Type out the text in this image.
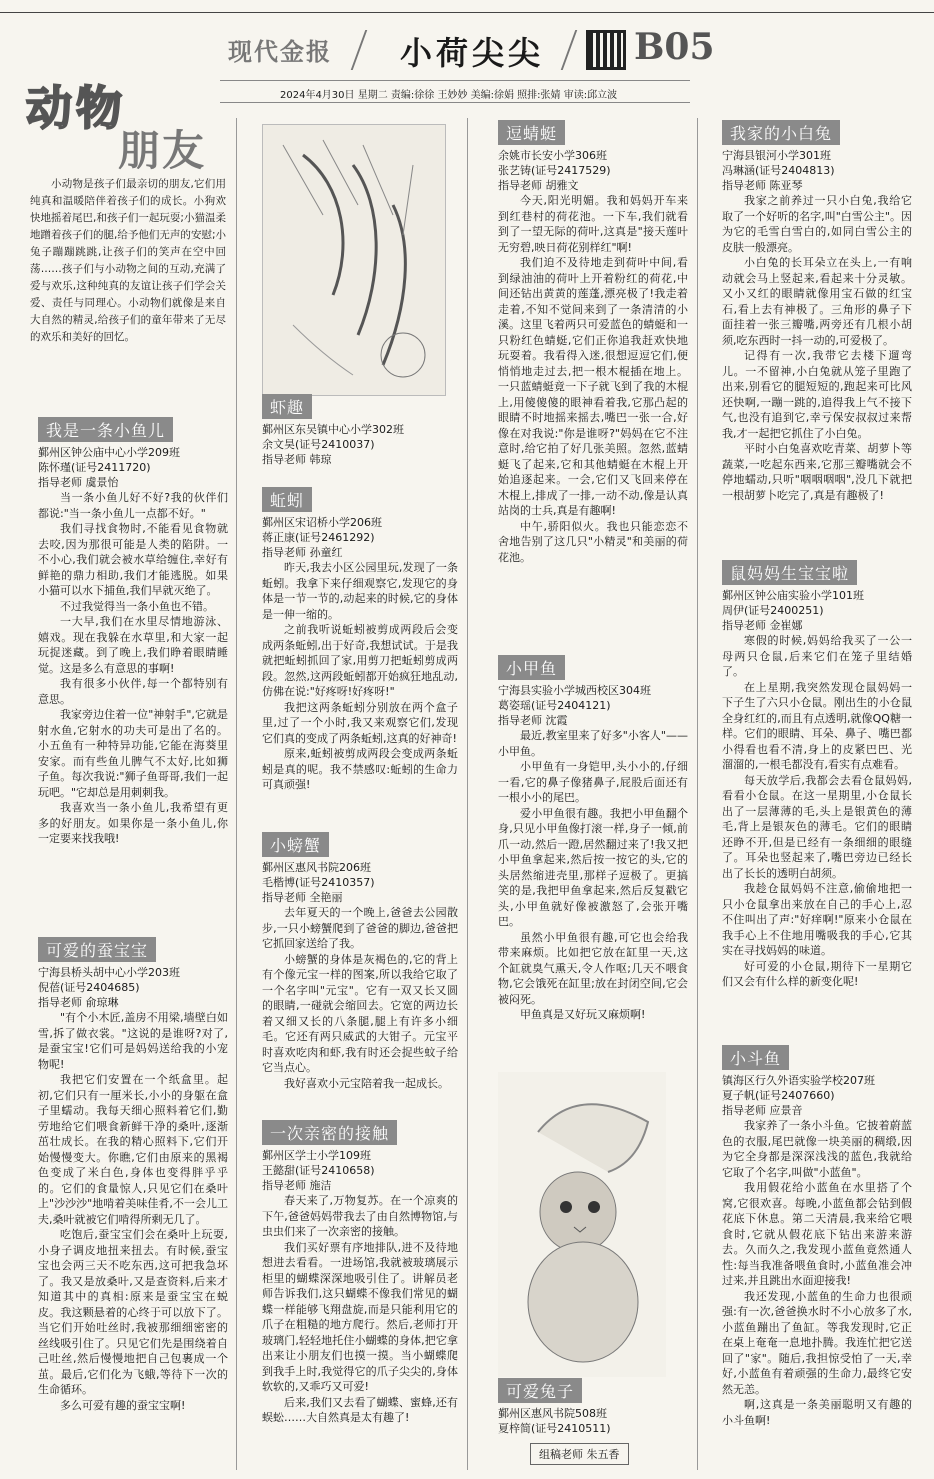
现代金报 小荷尖尖 B05
2024年4月30日 星期二 责编:徐徐 王妙妙 美编:徐娟 照排:张婧 审读:邱立波
动物
朋友

小动物是孩子们最亲切的朋友,它们用纯真和温暖陪伴着孩子们的成长。小狗欢快地摇着尾巴,和孩子们一起玩耍;小猫温柔地蹭着孩子们的腿,给予他们无声的安慰;小兔子蹦蹦跳跳,让孩子们的笑声在空中回荡……孩子们与小动物之间的互动,充满了爱与欢乐,这种纯真的友谊让孩子们学会关爱、责任与同理心。小动物们就像是来自大自然的精灵,给孩子们的童年带来了无尽的欢乐和美好的回忆。

我是一条小鱼儿
鄞州区钟公庙中心小学209班
陈怀瑾(证号2411720)
指导老师 虞景怡

当一条小鱼儿好不好?我的伙伴们都说:"当一条小鱼儿一点都不好。"

我们寻找食物时,不能看见食物就去咬,因为那很可能是人类的陷阱。一不小心,我们就会被水草给缠住,幸好有鲜艳的鼎力相助,我们才能逃脱。如果小猫可以水下捕鱼,我们早就灭绝了。

不过我觉得当一条小鱼也不错。

一大早,我们在水里尽情地游泳、嬉戏。现在我躲在水草里,和大家一起玩捉迷藏。到了晚上,我们睁着眼睛睡觉。这是多么有意思的事啊!

我有很多小伙伴,每一个都特别有意思。

我家旁边住着一位"神射手",它就是射水鱼,它射水的功夫可是出了名的。小五鱼有一种特异功能,它能在海葵里安家。而有些鱼儿脾气不太好,比如狮子鱼。每次我说:"狮子鱼哥哥,我们一起玩吧。"它却总是用刺刺我。

我喜欢当一条小鱼儿,我希望有更多的好朋友。如果你是一条小鱼儿,你一定要来找我哦!

可爱的蚕宝宝
宁海县桥头胡中心小学203班
倪蓓(证号2404685)
指导老师 俞琼琳

"有个小木匠,盖房不用梁,墙壁白如雪,拆了做衣裳。"这说的是谁呀?对了,是蚕宝宝!它们可是妈妈送给我的小宠物呢!

我把它们安置在一个纸盒里。起初,它们只有一厘米长,小小的身躯在盒子里蠕动。我每天细心照料着它们,勤劳地给它们喂食新鲜干净的桑叶,逐渐茁壮成长。在我的精心照料下,它们开始慢慢变大。你瞧,它们由原来的黑褐色变成了米白色,身体也变得胖乎乎的。它们的食量惊人,只见它们在桑叶上"沙沙沙"地啃着美味佳肴,不一会儿工夫,桑叶就被它们啃得所剩无几了。

吃饱后,蚕宝宝们会在桑叶上玩耍,小身子调皮地扭来扭去。有时候,蚕宝宝也会两三天不吃东西,这可把我急坏了。我又是放桑叶,又是查资料,后来才知道其中的真相:原来是蚕宝宝在蜕皮。我这颗悬着的心终于可以放下了。当它们开始吐丝时,我被那细细密密的丝线吸引住了。只见它们先是围绕着自己吐丝,然后慢慢地把自己包裹成一个茧。最后,它们化为飞蛾,等待下一次的生命循环。

多么可爱有趣的蚕宝宝啊!

虾趣
鄞州区东吴镇中心小学302班
余文昊(证号2410037)
指导老师 韩琼
蚯蚓
鄞州区宋诏桥小学206班
蒋正康(证号2461292)
指导老师 孙童红

昨天,我去小区公园里玩,发现了一条蚯蚓。我拿下来仔细观察它,发现它的身体是一节一节的,动起来的时候,它的身体是一伸一缩的。

之前我听说蚯蚓被剪成两段后会变成两条蚯蚓,出于好奇,我想试试。于是我就把蚯蚓抓回了家,用剪刀把蚯蚓剪成两段。忽然,这两段蚯蚓都开始疯狂地乱动,仿佛在说:"好疼呀!好疼呀!"

我把这两条蚯蚓分别放在两个盒子里,过了一个小时,我又来观察它们,发现它们真的变成了两条蚯蚓,这真的好神奇!

原来,蚯蚓被剪成两段会变成两条蚯蚓是真的呢。我不禁感叹:蚯蚓的生命力可真顽强!

小螃蟹
鄞州区惠风书院206班
毛楷博(证号2410357)
指导老师 全艳丽

去年夏天的一个晚上,爸爸去公园散步,一只小螃蟹爬到了爸爸的脚边,爸爸把它抓回家送给了我。

小螃蟹的身体是灰褐色的,它的背上有个像元宝一样的图案,所以我给它取了一个名字叫"元宝"。它有一双又长又圆的眼睛,一碰就会缩回去。它宽的两边长着又细又长的八条腿,腿上有许多小细毛。它还有两只威武的大钳子。元宝平时喜欢吃肉和虾,我有时还会捉些蚊子给它当点心。

我好喜欢小元宝陪着我一起成长。

一次亲密的接触
鄞州区学士小学109班
王懿甜(证号2410658)
指导老师 施洁

春天来了,万物复苏。在一个凉爽的下午,爸爸妈妈带我去了由自然博物馆,与虫虫们来了一次亲密的接触。

我们买好票有序地排队,进不及待地想进去看看。一进场馆,我就被玻璃展示柜里的蝴蝶深深地吸引住了。讲解员老师告诉我们,这只蝴蝶不像我们常见的蝴蝶一样能够飞翔盘旋,而是只能利用它的爪子在粗糙的地方爬行。然后,老师打开玻璃门,轻轻地托住小蝴蝶的身体,把它拿出来让小朋友们也摸一摸。当小蝴蝶爬到我手上时,我觉得它的爪子尖尖的,身体软软的,又乖巧又可爱!

后来,我们又去看了蝴蝶、蜜蜂,还有蜈蚣……大自然真是太有趣了!

逗蜻蜓
余姚市长安小学306班
张艺铸(证号2417529)
指导老师 胡雅文

今天,阳光明媚。我和妈妈开车来到红巷村的荷花池。一下车,我们就看到了一望无际的荷叶,这真是"接天莲叶无穷碧,映日荷花别样红"啊!

我们迫不及待地走到荷叶中间,看到绿油油的荷叶上开着粉红的荷花,中间还钻出黄黄的莲蓬,漂亮极了!我走着走着,不知不觉间来到了一条清清的小溪。这里飞着两只可爱蓝色的蜻蜓和一只粉红色蜻蜓,它们正你追我赶欢快地玩耍着。我看得入迷,很想逗逗它们,便悄悄地走过去,把一根木棍插在地上。一只蓝蜻蜓竟一下子就飞到了我的木棍上,用傻傻傻的眼神看着我,它那凸起的眼睛不时地摇来摇去,嘴巴一张一合,好像在对我说:"你是谁呀?"妈妈在它不注意时,给它拍了好几张美照。忽然,蓝蜻蜓飞了起来,它和其他蜻蜓在木棍上开始追逐起来。一会,它们又飞回来停在木棍上,排成了一排,一动不动,像是认真站岗的士兵,真是有趣啊!

中午,骄阳似火。我也只能恋恋不舍地告别了这几只"小精灵"和美丽的荷花池。

小甲鱼
宁海县实验小学城西校区304班
葛姿瑶(证号2404121)
指导老师 沈霞

最近,教室里来了好多"小客人"——小甲鱼。

小甲鱼有一身铠甲,头小小的,仔细一看,它的鼻子像猪鼻子,屁股后面还有一根小小的尾巴。

爱小甲鱼很有趣。我把小甲鱼翻个身,只见小甲鱼像打滚一样,身子一倾,前爪一动,然后一蹬,居然翻过来了!我又把小甲鱼拿起来,然后按一按它的头,它的头居然缩进壳里,那样子逗极了。更搞笑的是,我把甲鱼拿起来,然后反复戳它头,小甲鱼就好像被激怒了,会张开嘴巴。

虽然小甲鱼很有趣,可它也会给我带来麻烦。比如把它放在缸里一天,这个缸就臭气熏天,令人作呕;几天不喂食物,它会饿死在缸里;放在封闭空间,它会被闷死。

甲鱼真是又好玩又麻烦啊!

可爱兔子
鄞州区惠风书院508班
夏梓简(证号2410511)
组稿老师 朱五香
我家的小白兔
宁海县银河小学301班
冯琳涵(证号2404813)
指导老师 陈亚琴

我家之前养过一只小白兔,我给它取了一个好听的名字,叫"白雪公主"。因为它的毛雪白雪白的,如同白雪公主的皮肤一般漂亮。

小白兔的长耳朵立在头上,一有响动就会马上竖起来,看起来十分灵敏。又小又红的眼睛就像用宝石做的红宝石,看上去有神极了。三角形的鼻子下面挂着一张三瓣嘴,两旁还有几根小胡须,吃东西时一抖一动的,可爱极了。

记得有一次,我带它去楼下遛弯儿。一不留神,小白兔就从笼子里跑了出来,别看它的腿短短的,跑起来可比风还快啊,一蹦一跳的,追得我上气不接下气,也没有追到它,幸亏保安叔叔过来帮我,才一起把它抓住了小白兔。

平时小白兔喜欢吃青菜、胡萝卜等蔬菜,一吃起东西来,它那三瓣嘴就会不停地蠕动,只听"咽咽咽咽",没几下就把一根胡萝卜吃完了,真是有趣极了!

鼠妈妈生宝宝啦
鄞州区钟公庙实验小学101班
周伊(证号2400251)
指导老师 金崔娜

寒假的时候,妈妈给我买了一公一母两只仓鼠,后来它们在笼子里结婚了。

在上星期,我突然发现仓鼠妈妈一下子生了六只小仓鼠。刚出生的小仓鼠全身红红的,而且有点透明,就像QQ糖一样。它们的眼睛、耳朵、鼻子、嘴巴都小得看也看不清,身上的皮紧巴巴、光溜溜的,一根毛都没有,看实有点难看。

每天放学后,我都会去看仓鼠妈妈,看看小仓鼠。在这一星期里,小仓鼠长出了一层薄薄的毛,头上是银黄色的薄毛,背上是银灰色的薄毛。它们的眼睛还睁不开,但是已经有一条细细的眼缝了。耳朵也竖起来了,嘴巴旁边已经长出了长长的透明白胡须。

我趁仓鼠妈妈不注意,偷偷地把一只小仓鼠拿出来放在自己的手心上,忍不住叫出了声:"好痒啊!"原来小仓鼠在我手心上不住地用嘴吸我的手心,它其实在寻找妈妈的味道。

好可爱的小仓鼠,期待下一星期它们又会有什么样的新变化呢!

小斗鱼
镇海区行久外语实验学校207班
夏子帆(证号2407660)
指导老师 应景音

我家养了一条小斗鱼。它披着蔚蓝色的衣服,尾巴就像一块美丽的稠缎,因为它全身都是深深浅浅的蓝色,我就给它取了个名字,叫做"小蓝鱼"。

我用假花给小蓝鱼在水里搭了个窝,它很欢喜。每晚,小蓝鱼都会钻到假花底下休息。第二天清晨,我来给它喂食时,它就从假花底下钻出来游来游去。久而久之,我发现小蓝鱼竟然通人性:每当我准备喂鱼食时,小蓝鱼准会冲过来,并且跳出水面迎接我!

我还发现,小蓝鱼的生命力也很顽强:有一次,爸爸换水时不小心放多了水,小蓝鱼蹦出了鱼缸。等我发现时,它正在桌上奄奄一息地扑腾。我连忙把它送回了"家"。随后,我担惊受怕了一天,幸好,小蓝鱼有着顽强的生命力,最终它安然无恙。

啊,这真是一条美丽聪明又有趣的小斗鱼啊!
